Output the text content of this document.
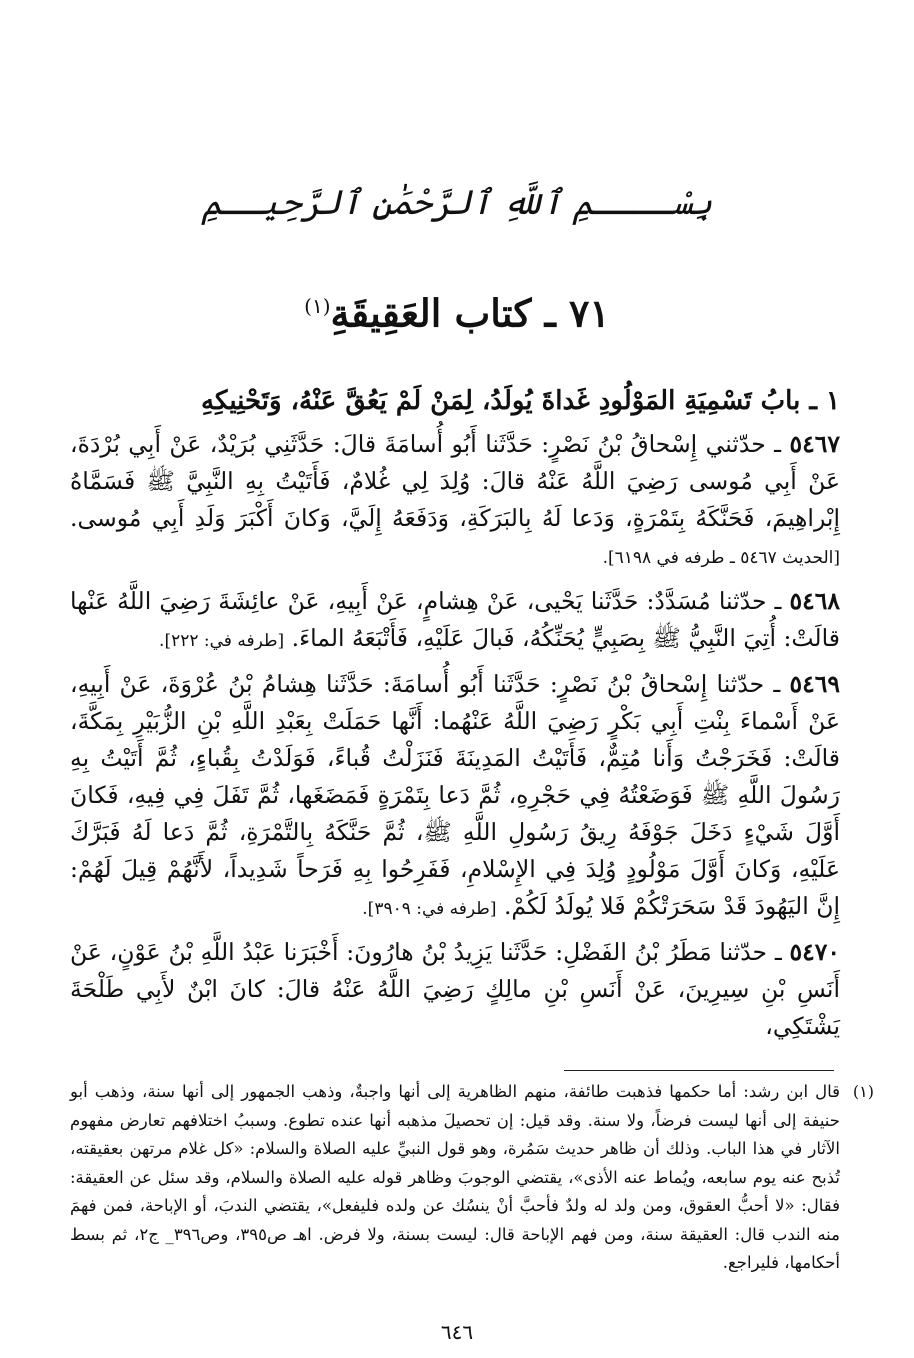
بِسْــــمِ ٱللَّهِ ٱلرَّحْمَٰنِ ٱلرَّحِيــمِ
٧١ ـ كتاب العَقِيقَةِ$^{(١)}$
١ ـ بابُ تَسْمِيَةِ المَوْلُودِ غَداةَ يُولَدُ، لِمَنْ لَمْ يَعُقَّ عَنْهُ، وَتَحْنِيكِهِ

٥٤٦٧ ـ حدّثني إِسْحاقُ بْنُ نَصْرٍ: حَدَّثَنا أَبُو أُسامَةَ قالَ: حَدَّثَنِي بُرَيْدٌ، عَنْ أَبِي بُرْدَةَ، عَنْ أَبِي مُوسى رَضِيَ اللَّهُ عَنْهُ قالَ: وُلِدَ لِي غُلامٌ، فَأَتَيْتُ بِهِ النَّبِيَّ ﷺ فَسَمَّاهُ إِبْراهِيمَ، فَحَنَّكَهُ بِتَمْرَةٍ، وَدَعا لَهُ بِالبَرَكَةِ، وَدَفَعَهُ إِلَيَّ، وَكانَ أَكْبَرَ وَلَدِ أَبِي مُوسى. [الحديث ٥٤٦٧ ـ طرفه في ٦١٩٨].

٥٤٦٨ ـ حدّثنا مُسَدَّدٌ: حَدَّثَنا يَحْيى، عَنْ هِشامٍ، عَنْ أَبِيهِ، عَنْ عائِشَةَ رَضِيَ اللَّهُ عَنْها قالَتْ: أُتِيَ النَّبِيُّ ﷺ بِصَبِيٍّ يُحَنِّكُهُ، فَبالَ عَلَيْهِ، فَأَتْبَعَهُ الماءَ. [طرفه في: ٢٢٢].

٥٤٦٩ ـ حدّثنا إِسْحاقُ بْنُ نَصْرٍ: حَدَّثَنا أَبُو أُسامَةَ: حَدَّثَنا هِشامُ بْنُ عُرْوَةَ، عَنْ أَبِيهِ، عَنْ أَسْماءَ بِنْتِ أَبِي بَكْرٍ رَضِيَ اللَّهُ عَنْهُما: أَنَّها حَمَلَتْ بِعَبْدِ اللَّهِ بْنِ الزُّبَيْرِ بِمَكَّةَ، قالَتْ: فَخَرَجْتُ وَأَنا مُتِمٌّ، فَأَتَيْتُ المَدِينَةَ فَنَزَلْتُ قُباءً، فَوَلَدْتُ بِقُباءٍ، ثُمَّ أَتَيْتُ بِهِ رَسُولَ اللَّهِ ﷺ فَوَضَعْتُهُ فِي حَجْرِهِ، ثُمَّ دَعا بِتَمْرَةٍ فَمَضَغَها، ثُمَّ تَفَلَ فِي فِيهِ، فَكانَ أَوَّلَ شَيْءٍ دَخَلَ جَوْفَهُ رِيقُ رَسُولِ اللَّهِ ﷺ، ثُمَّ حَنَّكَهُ بِالتَّمْرَةِ، ثُمَّ دَعا لَهُ فَبَرَّكَ عَلَيْهِ، وَكانَ أَوَّلَ مَوْلُودٍ وُلِدَ فِي الإِسْلامِ، فَفَرِحُوا بِهِ فَرَحاً شَدِيداً، لأَنَّهُمْ قِيلَ لَهُمْ: إِنَّ اليَهُودَ قَدْ سَحَرَتْكُمْ فَلا يُولَدُ لَكُمْ. [طرفه في: ٣٩٠٩].

٥٤٧٠ ـ حدّثنا مَطَرُ بْنُ الفَضْلِ: حَدَّثَنا يَزِيدُ بْنُ هارُونَ: أَخْبَرَنا عَبْدُ اللَّهِ بْنُ عَوْنٍ، عَنْ أَنَسِ بْنِ سِيرِينَ، عَنْ أَنَسِ بْنِ مالِكٍ رَضِيَ اللَّهُ عَنْهُ قالَ: كانَ ابْنٌ لأَبِي طَلْحَةَ يَشْتَكِي،

(١)
قال ابن رشد: أما حكمها فذهبت طائفة، منهم الظاهرية إلى أنها واجبةٌ، وذهب الجمهور إلى أنها سنة، وذهب أبو حنيفة إلى أنها ليست فرضاً، ولا سنة. وقد قيل: إن تحصيلَ مذهبه أنها عنده تطوع. وسببُ اختلافهم تعارض مفهوم الآثار في هذا الباب. وذلك أن ظاهر حديث سَمُرة، وهو قول النبيِّ عليه الصلاة والسلام: «كل غلام مرتهن بعقيقته، تُذبح عنه يوم سابعه، ويُماط عنه الأذى»، يقتضي الوجوبَ وظاهر قوله عليه الصلاة والسلام، وقد سئل عن العقيقة: فقال: «لا أحبُّ العقوق، ومن ولد له ولدٌ فأحبَّ أنْ ينسُك عن ولده فليفعل»، يقتضي الندبَ، أو الإباحة، فمن فهمَ منه الندب قال: العقيقة سنة، ومن فهم الإباحة قال: ليست بسنة، ولا فرض. اهـ ص٣٩٥، وص٣٩٦_ ج٢، ثم بسط أحكامها، فليراجع.
٦٤٦
